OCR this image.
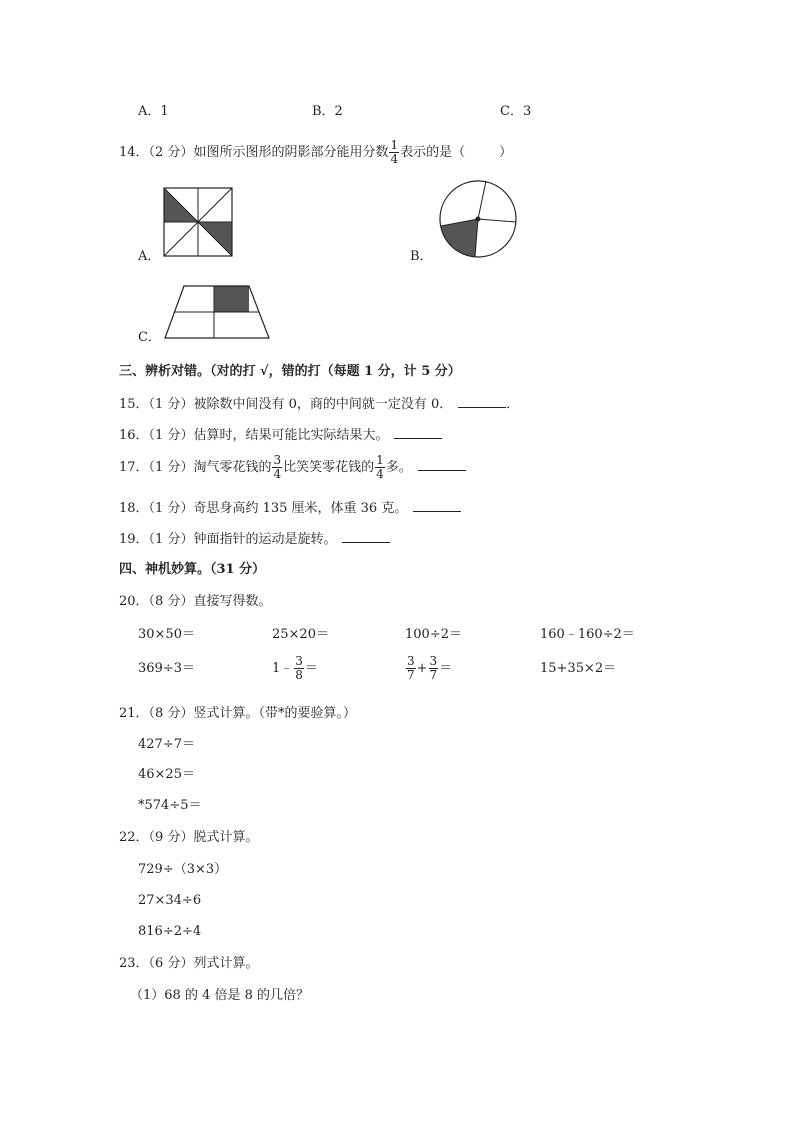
A．1	B．2	C．3
14．（2 分）如图所示图形的阴影部分能用分数 $\frac{1}{4}$ 表示的是（	）
A．	B．
C．
三、辨析对错。（对的打 √，错的打（每题 1 分，计 5 分）
15．（1 分）被除数中间没有 0，商的中间就一定没有 0．	．
16．（1 分）估算时，结果可能比实际结果大。
17．（1 分）淘气零花钱的 $\frac{3}{4}$ 比笑笑零花钱的 $\frac{1}{4}$ 多。
18．（1 分）奇思身高约 135 厘米，体重 36 克。
19．（1 分）钟面指针的运动是旋转。
四、神机妙算。（31 分）
20．（8 分）直接写得数。
30×50＝	25×20＝	100÷2＝	160﹣160÷2＝
369÷3＝	1﹣ $\frac{3}{8}$ ＝	$\frac{3}{7} + \frac{3}{7}$ ＝	15+35×2＝
21．（8 分）竖式计算。（带*的要验算。）
427÷7＝
46×25＝
*574÷5＝
22．（9 分）脱式计算。
729÷（3×3）
27×34÷6
816÷2÷4
23．（6 分）列式计算。
（1）68 的 4 倍是 8 的几倍？
